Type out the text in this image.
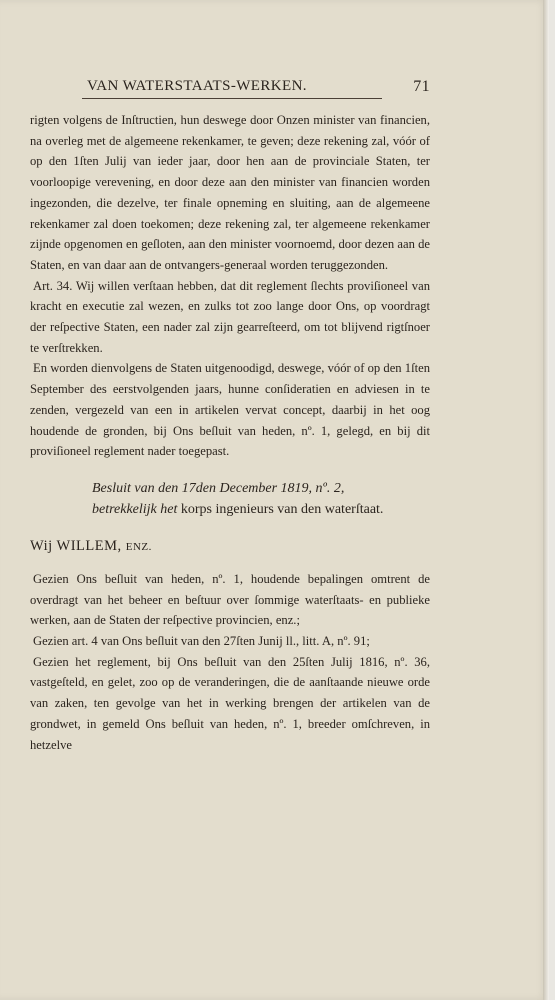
VAN WATERSTAATS-WERKEN.	71

rigten volgens de Inſtructien, hun deswege door Onzen minister van financien, na overleg met de algemeene rekenkamer, te geven; deze rekening zal, vóór of op den 1ſten Julij van ieder jaar, door hen aan de provinciale Staten, ter voorloopige verevening, en door deze aan den minister van financien worden ingezonden, die dezelve, ter finale opneming en sluiting, aan de algemeene rekenkamer zal doen toekomen; deze rekening zal, ter algemeene rekenkamer zijnde opgenomen en geſloten, aan den minister voornoemd, door dezen aan de Staten, en van daar aan de ontvangers-generaal worden teruggezonden.

Art. 34. Wij willen verſtaan hebben, dat dit reglement ſlechts proviſioneel van kracht en executie zal wezen, en zulks tot zoo lange door Ons, op voordragt der reſpective Staten, een nader zal zijn gearreſteerd, om tot blijvend rigtſnoer te verſtrekken.

En worden dienvolgens de Staten uitgenoodigd, deswege, vóór of op den 1ſten September des eerstvolgenden jaars, hunne conſideratien en adviesen in te zenden, vergezeld van een in artikelen vervat concept, daarbij in het oog houdende de gronden, bij Ons beſluit van heden, nº. 1, gelegd, en bij dit proviſioneel reglement nader toegepast.

Besluit van den 17den December 1819, nº. 2, betrekkelijk het korps ingenieurs van den waterſtaat.
Wij WILLEM, ENZ.

Gezien Ons beſluit van heden, nº. 1, houdende bepalingen omtrent de overdragt van het beheer en beſtuur over ſommige waterſtaats- en publieke werken, aan de Staten der reſpective provincien, enz.;

Gezien art. 4 van Ons beſluit van den 27ſten Junij ll., litt. A, nº. 91;

Gezien het reglement, bij Ons beſluit van den 25ſten Julij 1816, nº. 36, vastgeſteld, en gelet, zoo op de veranderingen, die de aanſtaande nieuwe orde van zaken, ten gevolge van het in werking brengen der artikelen van de grondwet, in gemeld Ons beſluit van heden, nº. 1, breeder omſchreven, in hetzelve
